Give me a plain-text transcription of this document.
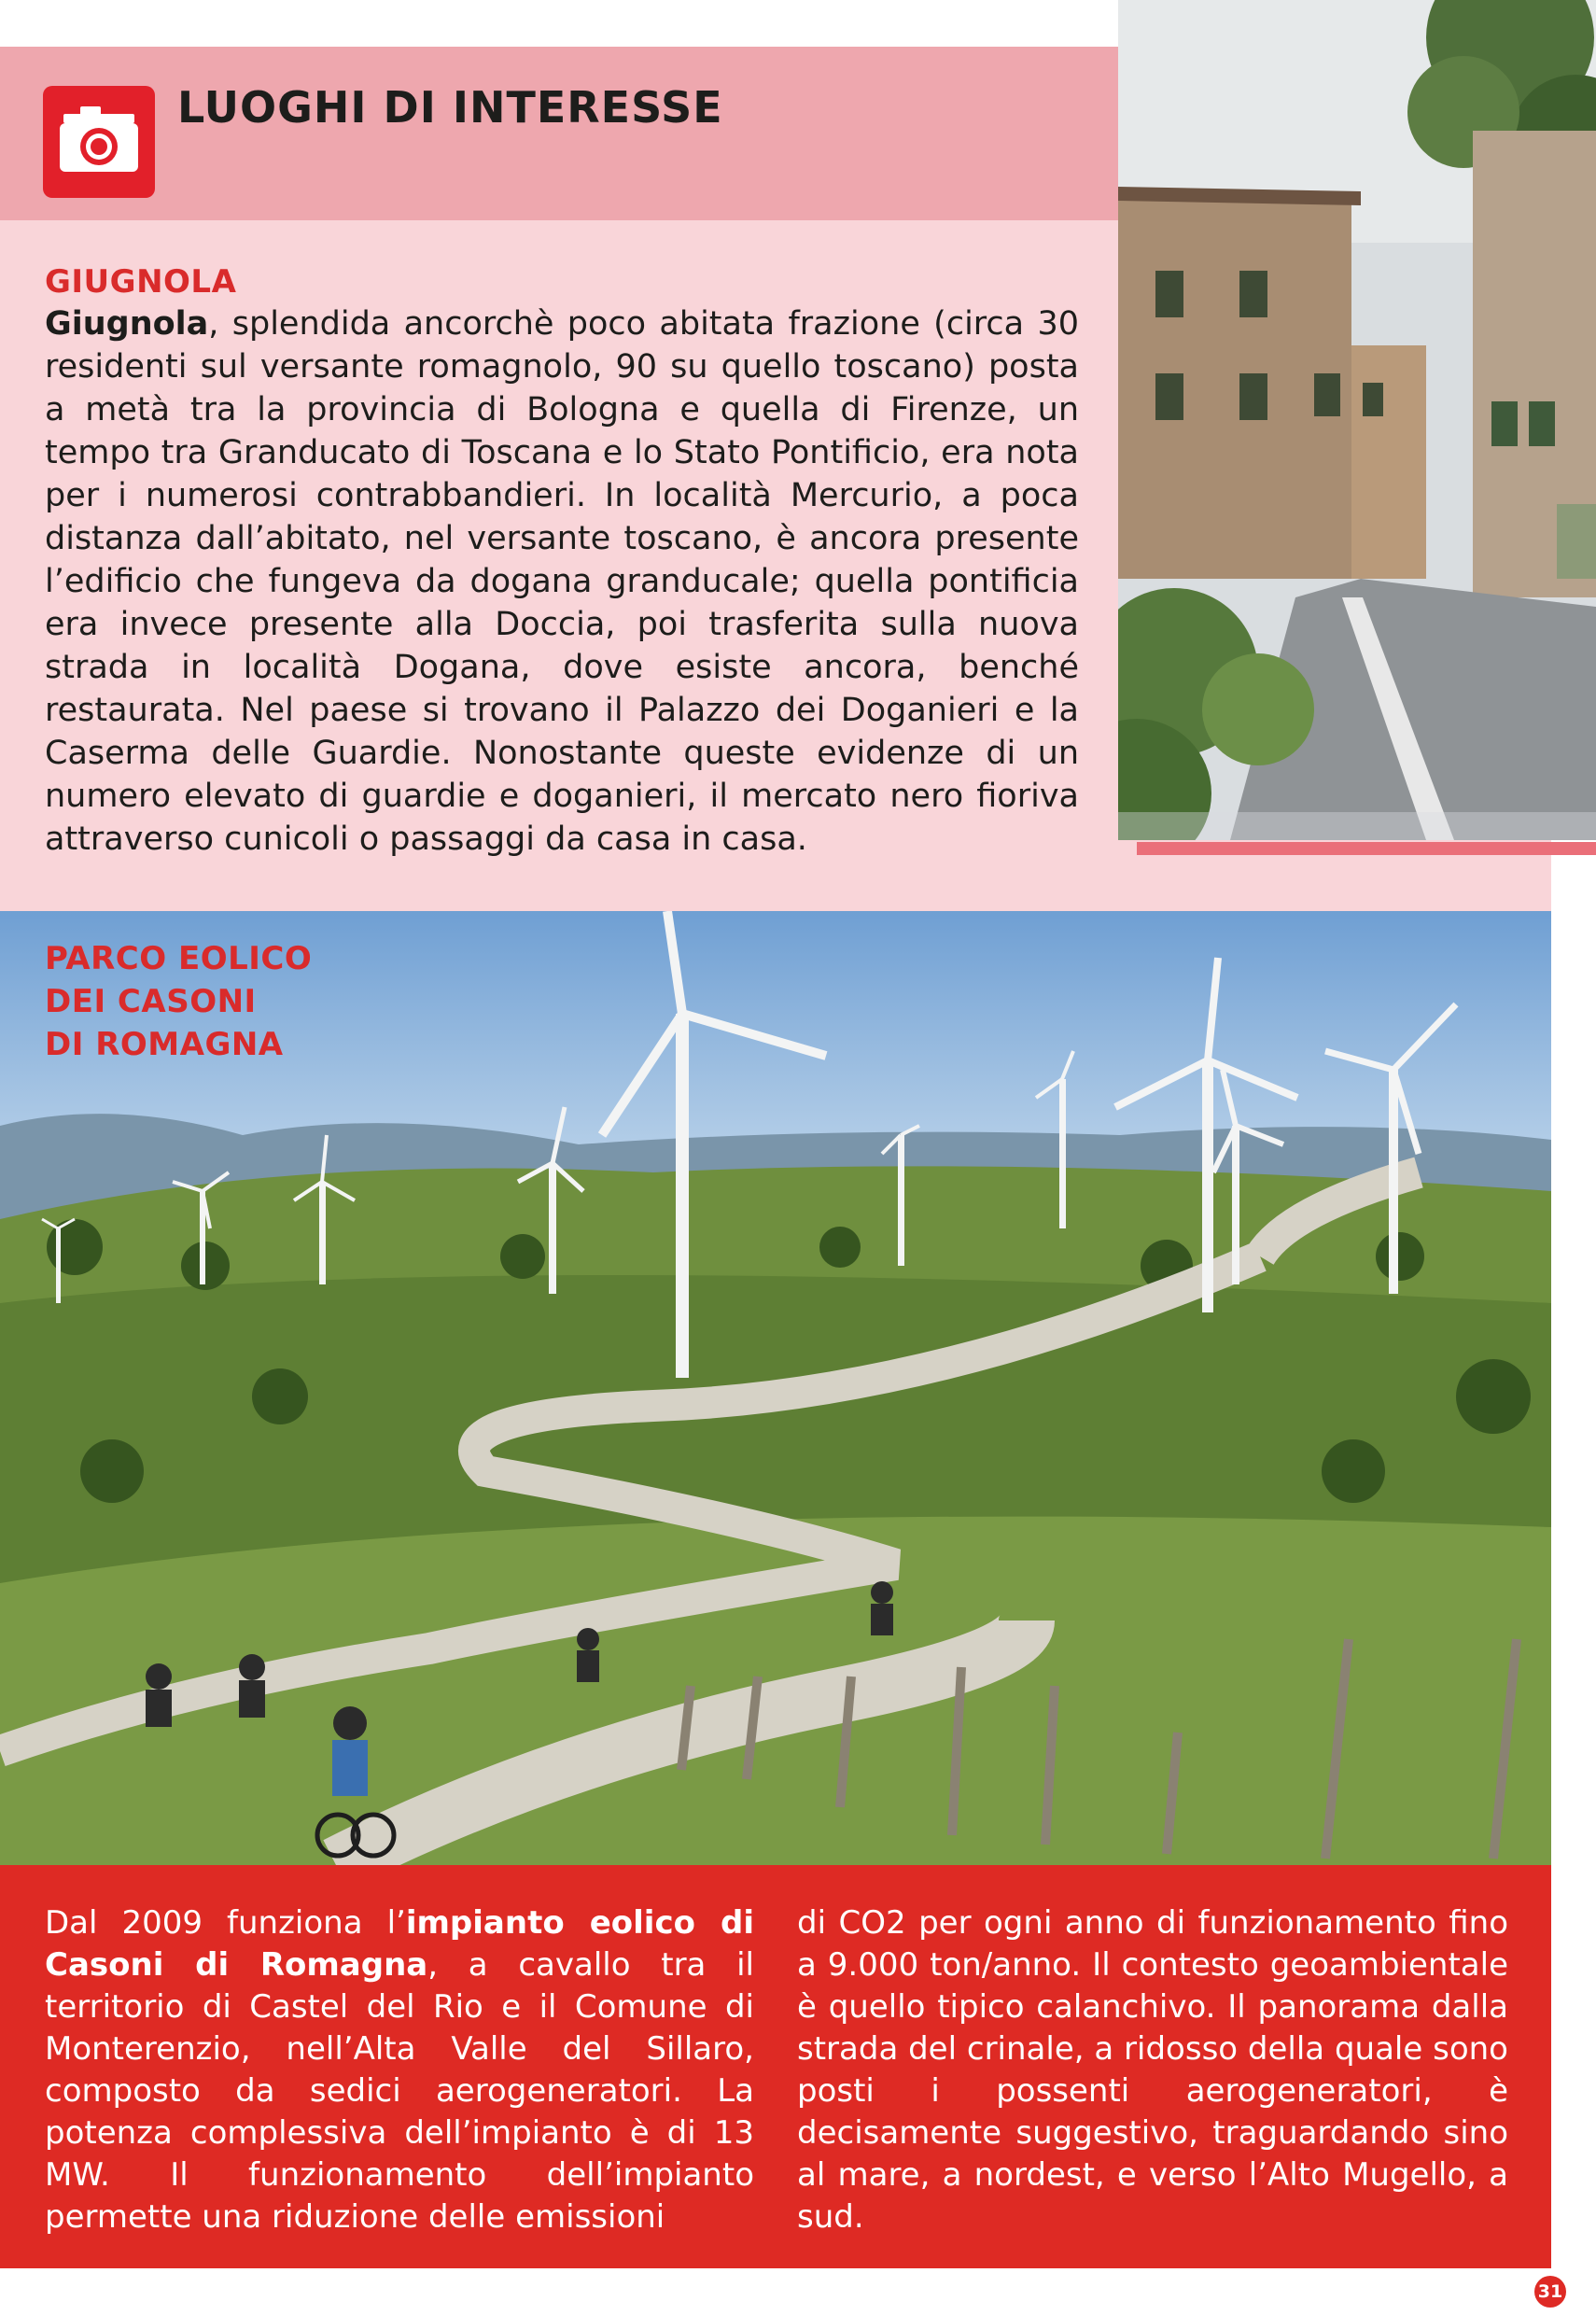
LUOGHI DI INTERESSE
GIUGNOLA
Giugnola, splendida ancorchè poco abitata frazione (circa 30 residenti sul versante romagnolo, 90 su quello toscano) posta a metà tra la provincia di Bologna e quella di Firenze, un tempo tra Granducato di Toscana e lo Stato Pontificio, era nota per i numerosi contrabbandieri. In località Mercurio, a poca distanza dall’abitato, nel versante toscano, è ancora presente l’edificio che fungeva da dogana granducale; quella pontificia era invece presente alla Doccia, poi trasferita sulla nuova strada in località Dogana, dove esiste ancora, benché restaurata. Nel paese si trovano il Palazzo dei Doganieri e la Caserma delle Guardie. Nonostante queste evidenze di un numero elevato di guardie e doganieri, il mercato nero fioriva attraverso cunicoli o passaggi da casa in casa.
PARCO EOLICO
DEI CASONI
DI ROMAGNA
Dal 2009 funziona l’impianto eolico di Casoni di Romagna, a cavallo tra il territorio di Castel del Rio e il Comune di Monterenzio, nell’Alta Valle del Sillaro, composto da sedici aerogeneratori. La potenza complessiva dell’impianto è di 13 MW. Il funzionamento dell’impianto permette una riduzione delle emissioni
di CO2 per ogni anno di funzionamento fino a 9.000 ton/anno. Il contesto geoambientale è quello tipico calanchivo. Il panorama dalla strada del crinale, a ridosso della quale sono posti i possenti aerogeneratori, è decisamente suggestivo, traguardando sino al mare, a nordest, e verso l’Alto Mugello, a sud.
31
